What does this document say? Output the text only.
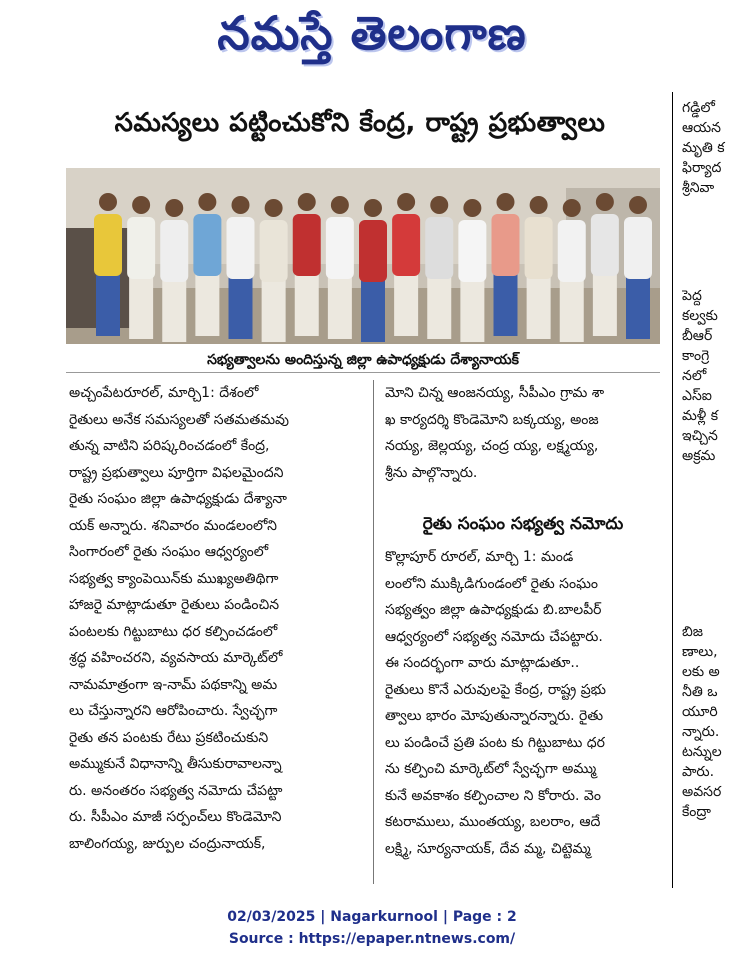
నమస్తే తెలంగాణ
సమస్యలు పట్టించుకోని కేంద్ర, రాష్ట్ర ప్రభుత్వాలు
సభ్యత్వాలను అందిస్తున్న జిల్లా ఉపాధ్యక్షుడు దేశ్యానాయక్
అచ్చంపేటరూరల్, మార్చి1: దేశంలో
రైతులు అనేక సమస్యలతో సతమతమవు
తున్న వాటిని పరిష్కరించడంలో కేంద్ర,
రాష్ట్ర ప్రభుత్వాలు పూర్తిగా విఫలమైందని
రైతు సంఘం జిల్లా ఉపాధ్యక్షుడు దేశ్యానా
యక్ అన్నారు. శనివారం మండలంలోని
సింగారంలో రైతు సంఘం ఆధ్వర్యంలో
సభ్యత్వ క్యాంపెయిన్‌కు ముఖ్యఅతిథిగా
హాజరై మాట్లాడుతూ రైతులు పండించిన
పంటలకు గిట్టుబాటు ధర కల్పించడంలో
శ్రద్ధ వహించరని, వ్యవసాయ మార్కెట్‌లో
నామమాత్రంగా ఇ-నామ్ పథకాన్ని అమ
లు చేస్తున్నారని ఆరోపించారు. స్వేచ్ఛగా
రైతు తన పంటకు రేటు ప్రకటించుకుని
అమ్ముకునే విధానాన్ని తీసుకురావాలన్నా
రు. అనంతరం సభ్యత్వ నమోదు చేపట్టా
రు. సీపీఎం మాజీ సర్పంచ్‌లు కొండెమోని
బాలింగయ్య, జుర్పుల చంద్రునాయక్,
మోని చిన్న ఆంజనయ్య, సీపీఎం గ్రామ శా
ఖ కార్యదర్శి కొండెమోని బక్కయ్య, అంజ
నయ్య, జెల్లయ్య, చంద్ర య్య, లక్ష్మయ్య,
శ్రీను పాల్గొన్నారు.
రైతు సంఘం సభ్యత్వ నమోదు
కొల్లాపూర్ రూరల్, మార్చి 1: మండ
లంలోని ముక్కిడిగుండంలో రైతు సంఘం
సభ్యత్వం జిల్లా ఉపాధ్యక్షుడు బి.బాలపీర్
ఆధ్వర్యంలో సభ్యత్వ నమోదు చేపట్టారు.
ఈ సందర్భంగా వారు మాట్లాడుతూ..
రైతులు కొనే ఎరువులపై కేంద్ర, రాష్ట్ర ప్రభు
త్వాలు భారం మోపుతున్నారన్నారు. రైతు
లు పండించే ప్రతి పంట కు గిట్టుబాటు ధర
ను కల్పించి మార్కెట్‌లో స్వేచ్ఛగా అమ్ము
కునే అవకాశం కల్పించాల ని కోరారు. వెం
కటరాములు, ముంతయ్య, బలరాం, ఆదే
లక్ష్మి, సూర్యనాయక్, దేవ మ్మ, చిట్టెమ్మ
గడ్డిలో
ఆయన
మృతి క
ఫిర్యాద
శ్రీనివా
పెద్ద
కల్వకు
బీఆర్
కాంగ్రె
నలో
ఎస్ఐ
మళ్లీ క
ఇచ్చిన
అక్రమ
బిజ
ణాలు,
లకు అ
నీతి ఒ
యూరి
న్నారు.
టన్నుల
పారు.
అవసర
కేంద్రా
02/03/2025 | Nagarkurnool | Page : 2
Source : https://epaper.ntnews.com/
